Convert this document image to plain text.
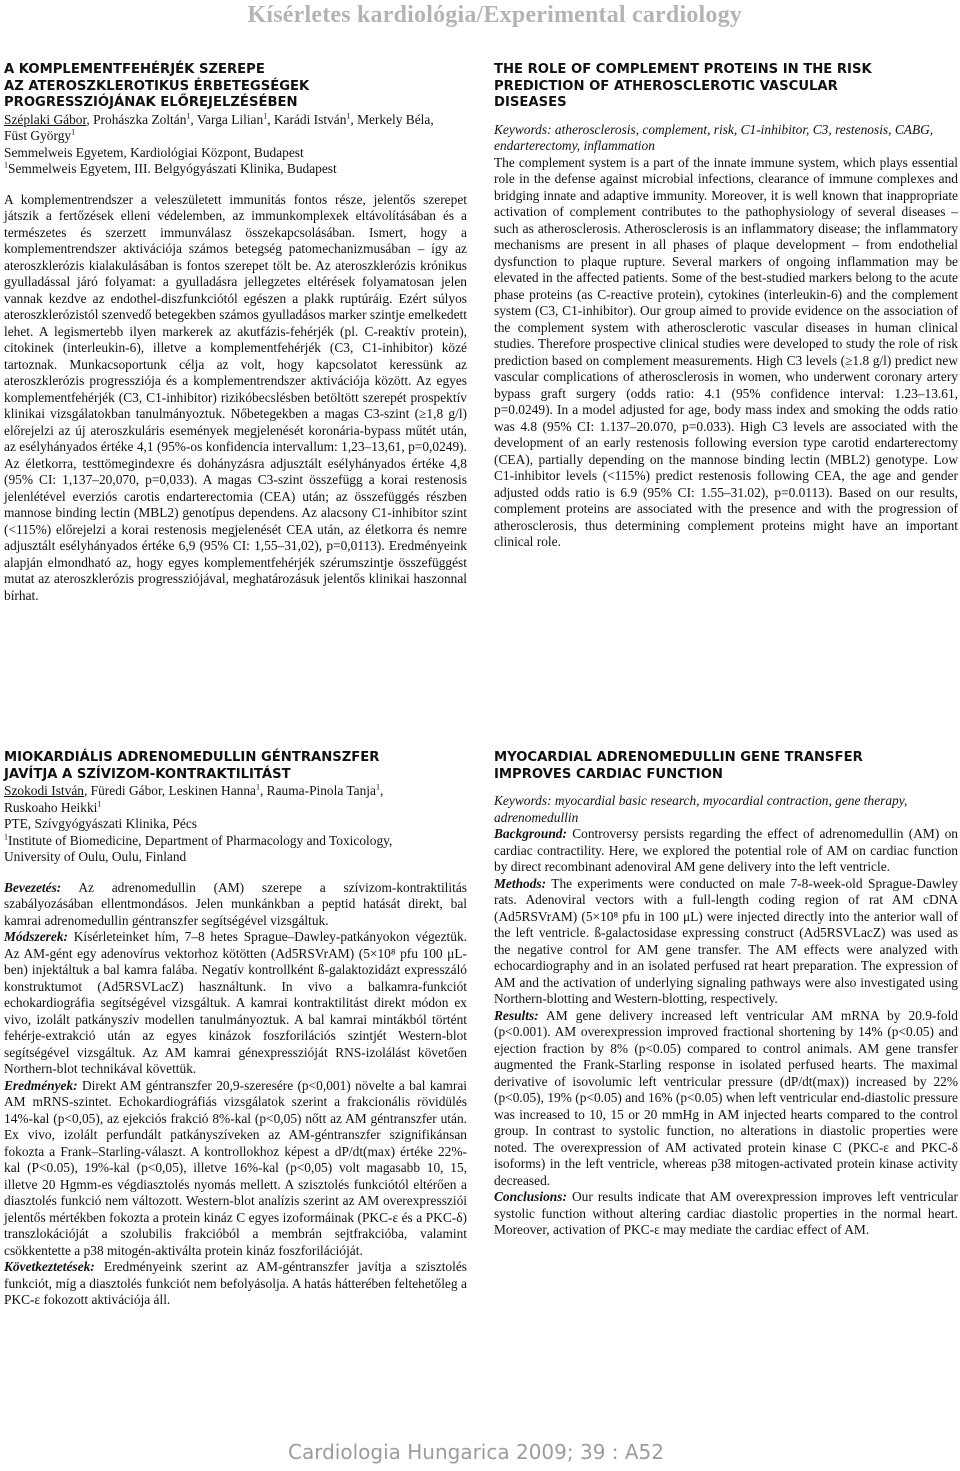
Kísérletes kardiológia/Experimental cardiology
A KOMPLEMENTFEHÉRJÉK SZEREPE
AZ ATEROSZKLEROTIKUS ÉRBETEGSÉGEK
PROGRESSZIÓJÁNAK ELŐREJELZÉSÉBEN

Széplaki Gábor, Prohászka Zoltán$^1$, Varga Lilian$^1$, Karádi István$^1$, Merkely Béla,
Füst György$^1$

Semmelweis Egyetem, Kardiológiai Központ, Budapest

$^1$Semmelweis Egyetem, III. Belgyógyászati Klinika, Budapest

A komplementrendszer a veleszületett immunitás fontos része, jelentős szerepet játszik a fertőzések elleni védelemben, az immunkomplexek eltávolításában és a természetes és szerzett immunválasz összekapcsolásában. Ismert, hogy a komplementrendszer aktivációja számos betegség patomechanizmusában – így az ateroszklerózis kialakulásában is fontos szerepet tölt be. Az ateroszklerózis krónikus gyulladással járó folyamat: a gyulladásra jellegzetes eltérések folyamatosan jelen vannak kezdve az endothel-diszfunkciótól egészen a plakk ruptúráig. Ezért súlyos ateroszklerózistól szenvedő betegekben számos gyulladásos marker szintje emelkedett lehet. A legismertebb ilyen markerek az akutfázis-fehérjék (pl. C-reaktív protein), citokinek (interleukin-6), illetve a komplementfehérjék (C3, C1-inhibitor) közé tartoznak. Munkacsoportunk célja az volt, hogy kapcsolatot keressünk az ateroszklerózis progressziója és a komplementrendszer aktivációja között. Az egyes komplementfehérjék (C3, C1-inhibitor) rizikóbecslésben betöltött szerepét prospektív klinikai vizsgálatokban tanulmányoztuk. Nőbetegekben a magas C3-szint (≥1,8 g/l) előrejelzi az új ateroszkuláris események megjelenését koronária-bypass műtét után, az esélyhányados értéke 4,1 (95%-os konfidencia intervallum: 1,23–13,61, p=0,0249). Az életkorra, testtömegindexre és dohányzásra adjusztált esélyhányados értéke 4,8 (95% CI: 1,137–20,070, p=0,033). A magas C3-szint összefügg a korai restenosis jelenlétével everziós carotis endarterectomia (CEA) után; az összefüggés részben mannose binding lectin (MBL2) genotípus dependens. Az alacsony C1-inhibitor szint (<115%) előrejelzi a korai restenosis megjelenését CEA után, az életkorra és nemre adjusztált esélyhányados értéke 6,9 (95% CI: 1,55–31,02), p=0,0113). Eredményeink alapján elmondható az, hogy egyes komplementfehérjék szérumszintje összefüggést mutat az ateroszklerózis progressziójával, meghatározásuk jelentős klinikai haszonnal bírhat.

THE ROLE OF COMPLEMENT PROTEINS IN THE RISK
PREDICTION OF ATHEROSCLEROTIC VASCULAR
DISEASES

Keywords: atherosclerosis, complement, risk, C1-inhibitor, C3, restenosis, CABG, endarterectomy, inflammation

The complement system is a part of the innate immune system, which plays essential role in the defense against microbial infections, clearance of immune complexes and bridging innate and adaptive immunity. Moreover, it is well known that inappropriate activation of complement contributes to the pathophysiology of several diseases – such as atherosclerosis. Atherosclerosis is an inflammatory disease; the inflammatory mechanisms are present in all phases of plaque development – from endothelial dysfunction to plaque rupture. Several markers of ongoing inflammation may be elevated in the affected patients. Some of the best-studied markers belong to the acute phase proteins (as C-reactive protein), cytokines (interleukin-6) and the complement system (C3, C1-inhibitor). Our group aimed to provide evidence on the association of the complement system with atherosclerotic vascular diseases in human clinical studies. Therefore prospective clinical studies were developed to study the role of risk prediction based on complement measurements. High C3 levels (≥1.8 g/l) predict new vascular complications of atherosclerosis in women, who underwent coronary artery bypass graft surgery (odds ratio: 4.1 (95% confidence interval: 1.23–13.61, p=0.0249). In a model adjusted for age, body mass index and smoking the odds ratio was 4.8 (95% CI: 1.137–20.070, p=0.033). High C3 levels are associated with the development of an early restenosis following eversion type carotid endarterectomy (CEA), partially depending on the mannose binding lectin (MBL2) genotype. Low C1-inhibitor levels (<115%) predict restenosis following CEA, the age and gender adjusted odds ratio is 6.9 (95% CI: 1.55–31.02), p=0.0113). Based on our results, complement proteins are associated with the presence and with the progression of atherosclerosis, thus determining complement proteins might have an important clinical role.

MIOKARDIÁLIS ADRENOMEDULLIN GÉNTRANSZFER
JAVÍTJA A SZÍVIZOM-KONTRAKTILITÁST

Szokodi István, Füredi Gábor, Leskinen Hanna$^1$, Rauma-Pinola Tanja$^1$,
Ruskoaho Heikki$^1$

PTE, Szívgyógyászati Klinika, Pécs

$^1$Institute of Biomedicine, Department of Pharmacology and Toxicology,
University of Oulu, Oulu, Finland

Bevezetés: Az adrenomedullin (AM) szerepe a szívizom-kontraktilitás szabályozásában ellentmondásos. Jelen munkánkban a peptid hatását direkt, bal kamrai adrenomedullin géntranszfer segítségével vizsgáltuk.

Módszerek: Kísérleteinket hím, 7–8 hetes Sprague–Dawley-patkányokon végeztük. Az AM-gént egy adenovírus vektorhoz kötötten (Ad5RSVrAM) (5×10⁸ pfu 100 μL-ben) injektáltuk a bal kamra falába. Negatív kontrollként ß-galaktozidázt expresszáló konstruktumot (Ad5RSVLacZ) használtunk. In vivo a balkamra-funkciót echokardiográfia segítségével vizsgáltuk. A kamrai kontraktilitást direkt módon ex vivo, izolált patkányszív modellen tanulmányoztuk. A bal kamrai mintákból történt fehérje-extrakció után az egyes kinázok foszforilációs szintjét Western-blot segítségével vizsgáltuk. Az AM kamrai génexpresszióját RNS-izolálást követően Northern-blot technikával követtük.

Eredmények: Direkt AM géntranszfer 20,9-szeresére (p<0,001) növelte a bal kamrai AM mRNS-szintet. Echokardiográfiás vizsgálatok szerint a frakcionális rövidülés 14%-kal (p<0,05), az ejekciós frakció 8%-kal (p<0,05) nőtt az AM géntranszfer után. Ex vivo, izolált perfundált patkányszíveken az AM-géntranszfer szignifikánsan fokozta a Frank–Starling-választ. A kontrollokhoz képest a dP/dt(max) értéke 22%-kal (P<0.05), 19%-kal (p<0,05), illetve 16%-kal (p<0,05) volt magasabb 10, 15, illetve 20 Hgmm-es végdiasztolés nyomás mellett. A szisztolés funkciótól eltérően a diasztolés funkció nem változott. Western-blot analízis szerint az AM overexpressziói jelentős mértékben fokozta a protein kináz C egyes izoformáinak (PKC-ε és a PKC-δ) transzlokációját a szolubilis frakcióból a membrán sejtfrakcióba, valamint csökkentette a p38 mitogén-aktiválta protein kináz foszforilációját.

Következtetések: Eredményeink szerint az AM-géntranszfer javítja a szisztolés funkciót, míg a diasztolés funkciót nem befolyásolja. A hatás hátterében feltehetőleg a PKC-ε fokozott aktivációja áll.

MYOCARDIAL ADRENOMEDULLIN GENE TRANSFER
IMPROVES CARDIAC FUNCTION

Keywords: myocardial basic research, myocardial contraction, gene therapy, adrenomedullin

Background: Controversy persists regarding the effect of adrenomedullin (AM) on cardiac contractility. Here, we explored the potential role of AM on cardiac function by direct recombinant adenoviral AM gene delivery into the left ventricle.

Methods: The experiments were conducted on male 7-8-week-old Sprague-Dawley rats. Adenoviral vectors with a full-length coding region of rat AM cDNA (Ad5RSVrAM) (5×10⁸ pfu in 100 μL) were injected directly into the anterior wall of the left ventricle. ß-galactosidase expressing construct (Ad5RSVLacZ) was used as the negative control for AM gene transfer. The AM effects were analyzed with echocardiography and in an isolated perfused rat heart preparation. The expression of AM and the activation of underlying signaling pathways were also investigated using Northern-blotting and Western-blotting, respectively.

Results: AM gene delivery increased left ventricular AM mRNA by 20.9-fold (p<0.001). AM overexpression improved fractional shortening by 14% (p<0.05) and ejection fraction by 8% (p<0.05) compared to control animals. AM gene transfer augmented the Frank-Starling response in isolated perfused hearts. The maximal derivative of isovolumic left ventricular pressure (dP/dt(max)) increased by 22% (p<0.05), 19% (p<0.05) and 16% (p<0.05) when left ventricular end-diastolic pressure was increased to 10, 15 or 20 mmHg in AM injected hearts compared to the control group. In contrast to systolic function, no alterations in diastolic properties were noted. The overexpression of AM activated protein kinase C (PKC-ε and PKC-δ isoforms) in the left ventricle, whereas p38 mitogen-activated protein kinase activity decreased.

Conclusions: Our results indicate that AM overexpression improves left ventricular systolic function without altering cardiac diastolic properties in the normal heart. Moreover, activation of PKC-ε may mediate the cardiac effect of AM.

Cardiologia Hungarica 2009; 39 : A52
